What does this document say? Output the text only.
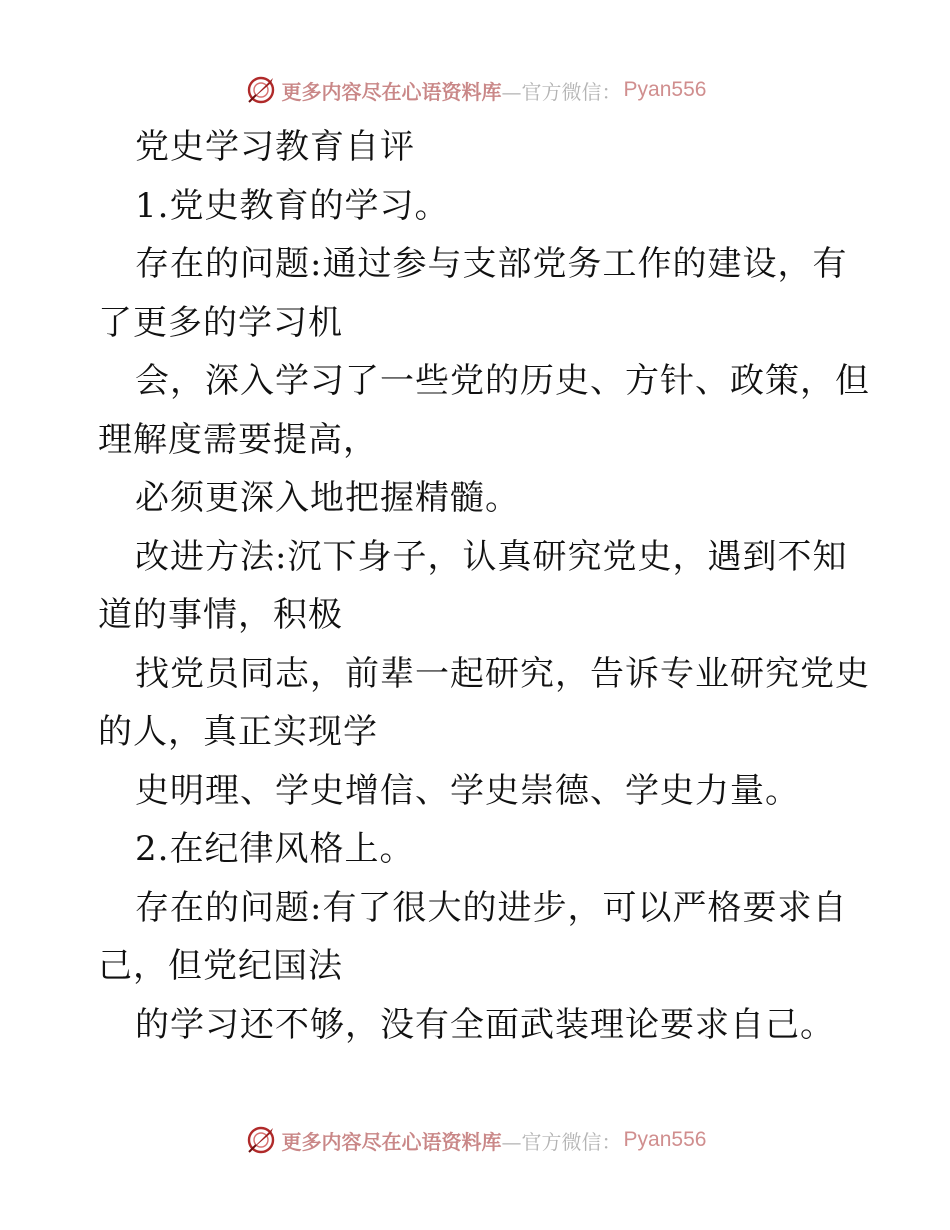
更多内容尽在心语资料库 —官方微信： Pyan556
党史学习教育自评
1.党史教育的学习。
存在的问题:通过参与支部党务工作的建设，有
了更多的学习机
会，深入学习了一些党的历史、方针、政策，但
理解度需要提高，
必须更深入地把握精髓。
改进方法:沉下身子，认真研究党史，遇到不知
道的事情，积极
找党员同志，前辈一起研究，告诉专业研究党史
的人，真正实现学
史明理、学史增信、学史崇德、学史力量。
2.在纪律风格上。
存在的问题:有了很大的进步，可以严格要求自
己，但党纪国法
的学习还不够，没有全面武装理论要求自己。
更多内容尽在心语资料库 —官方微信： Pyan556
